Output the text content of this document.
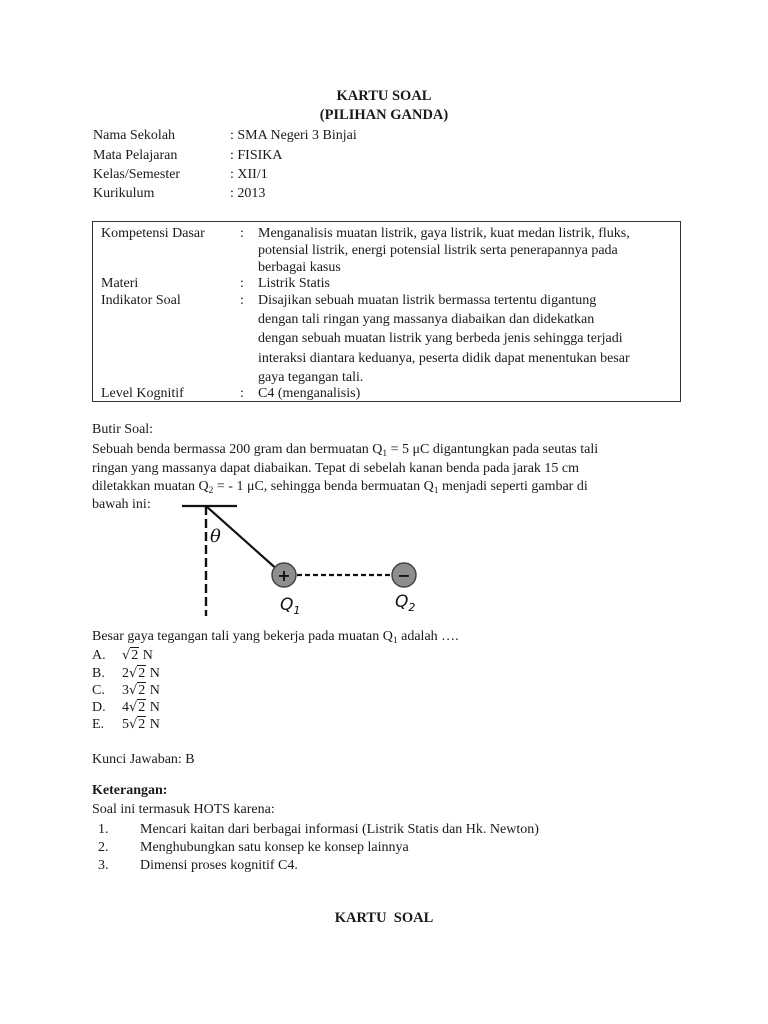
KARTU SOAL
(PILIHAN GANDA)
Nama Sekolah	: SMA Negeri 3 Binjai
Mata Pelajaran	: FISIKA
Kelas/Semester	: XII/1
Kurikulum	: 2013
Kompetensi Dasar	: Menganalisis muatan listrik, gaya listrik, kuat medan listrik, fluks,
potensial listrik, energi potensial listrik serta penerapannya pada
berbagai kasus
Materi	: Listrik Statis
Indikator Soal	: Disajikan sebuah muatan listrik bermassa tertentu digantung
dengan tali ringan yang massanya diabaikan dan didekatkan
dengan sebuah muatan listrik yang berbeda jenis sehingga terjadi
interaksi diantara keduanya, peserta didik dapat menentukan besar
gaya tegangan tali.
Level Kognitif	: C4 (menganalisis)
Butir Soal:
Sebuah benda bermassa 200 gram dan bermuatan $Q_1 = 5$ μC digantungkan pada seutas tali
ringan yang massanya dapat diabaikan. Tepat di sebelah kanan benda pada jarak 15 cm
diletakkan muatan $Q_2$ = - 1 μC, sehingga benda bermuatan $Q_1$ menjadi seperti gambar di
bawah ini:
θ
+	−
$Q_1$	$Q_2$
Besar gaya tegangan tali yang bekerja pada muatan $Q_1$ adalah ….
A. √2 N
B. 2√2 N
C. 3√2 N
D. 4√2 N
E. 5√2 N
Kunci Jawaban: B
Keterangan:
Soal ini termasuk HOTS karena:
1. Mencari kaitan dari berbagai informasi (Listrik Statis dan Hk. Newton)
2. Menghubungkan satu konsep ke konsep lainnya
3. Dimensi proses kognitif C4.
KARTU  SOAL
